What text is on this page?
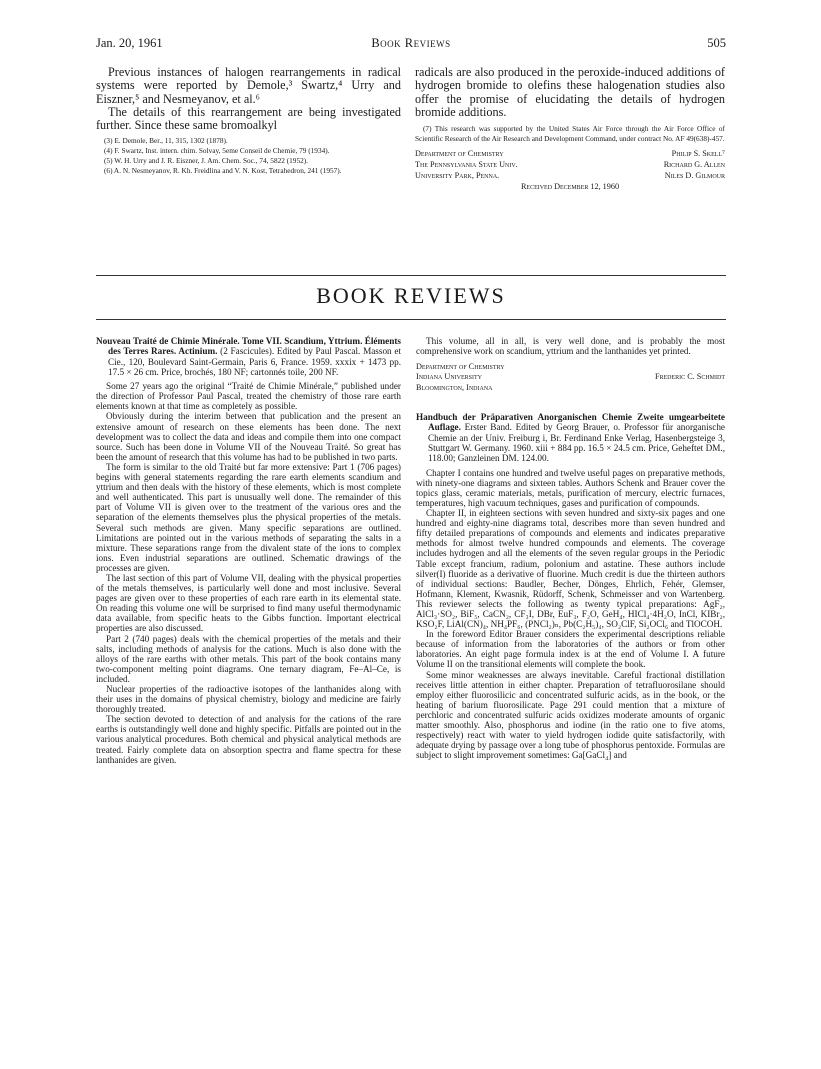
Jan. 20, 1961	Book Reviews	505

Previous instances of halogen rearrangements in radical systems were reported by Demole,³ Swartz,⁴ Urry and Eiszner,⁵ and Nesmeyanov, et al.⁶

The details of this rearrangement are being investigated further. Since these same bromoalkyl

(3) E. Demole, Ber., 11, 315, 1302 (1878).

(4) F. Swartz, Inst. intern. chim. Solvay, 5eme Conseil de Chemie, 79 (1934).

(5) W. H. Urry and J. R. Eiszner, J. Am. Chem. Soc., 74, 5822 (1952).

(6) A. N. Nesmeyanov, R. Kh. Freidlina and V. N. Kost, Tetrahedron, 241 (1957).

radicals are also produced in the peroxide-induced additions of hydrogen bromide to olefins these halogenation studies also offer the promise of elucidating the details of hydrogen bromide additions.

(7) This research was supported by the United States Air Force through the Air Force Office of Scientific Research of the Air Research and Development Command, under contract No. AF 49(638)-457.

Department of Chemistry	Philip S. Skell⁷
The Pennsylvania State Univ.	Richard G. Allen
University Park, Penna.	Niles D. Gilmour
Received December 12, 1960
BOOK REVIEWS

Nouveau Traité de Chimie Minérale. Tome VII. Scandium, Yttrium. Éléments des Terres Rares. Actinium. (2 Fascicules). Edited by Paul Pascal. Masson et Cie., 120, Boulevard Saint-Germain, Paris 6, France. 1959. xxxix + 1473 pp. 17.5 × 26 cm. Price, brochés, 180 NF; cartonnés toile, 200 NF.

Some 27 years ago the original “Traité de Chimie Minérale,” published under the direction of Professor Paul Pascal, treated the chemistry of those rare earth elements known at that time as completely as possible.

Obviously during the interim between that publication and the present an extensive amount of research on these elements has been done. The next development was to collect the data and ideas and compile them into one compact source. Such has been done in Volume VII of the Nouveau Traité. So great has been the amount of research that this volume has had to be published in two parts.

The form is similar to the old Traité but far more extensive: Part 1 (706 pages) begins with general statements regarding the rare earth elements scandium and yttrium and then deals with the history of these elements, which is most complete and well authenticated. This part is unusually well done. The remainder of this part of Volume VII is given over to the treatment of the various ores and the separation of the elements themselves plus the physical properties of the metals. Several such methods are given. Many specific separations are outlined. Limitations are pointed out in the various methods of separating the salts in a mixture. These separations range from the divalent state of the ions to complex ions. Even industrial separations are outlined. Schematic drawings of the processes are given.

The last section of this part of Volume VII, dealing with the physical properties of the metals themselves, is particularly well done and most inclusive. Several pages are given over to these properties of each rare earth in its elemental state. On reading this volume one will be surprised to find many useful thermodynamic data available, from specific heats to the Gibbs function. Important electrical properties are also discussed.

Part 2 (740 pages) deals with the chemical properties of the metals and their salts, including methods of analysis for the cations. Much is also done with the alloys of the rare earths with other metals. This part of the book contains many two-component melting point diagrams. One ternary diagram, Fe–Al–Ce, is included.

Nuclear properties of the radioactive isotopes of the lanthanides along with their uses in the domains of physical chemistry, biology and medicine are fairly thoroughly treated.

The section devoted to detection of and analysis for the cations of the rare earths is outstandingly well done and highly specific. Pitfalls are pointed out in the various analytical procedures. Both chemical and physical analytical methods are treated. Fairly complete data on absorption spectra and flame spectra for these lanthanides are given.

This volume, all in all, is very well done, and is probably the most comprehensive work on scandium, yttrium and the lanthanides yet printed.

Department of Chemistry
Indiana University
Bloomington, Indiana
Frederic C. Schmidt

Handbuch der Präparativen Anorganischen Chemie Zweite umgearbeitete Auflage. Erster Band. Edited by Georg Brauer, o. Professor für anorganische Chemie an der Univ. Freiburg i, Br. Ferdinand Enke Verlag, Hasenbergsteige 3, Stuttgart W. Germany. 1960. xiii + 884 pp. 16.5 × 24.5 cm. Price, Geheftet DM., 118.00; Ganzleinen DM. 124.00.

Chapter I contains one hundred and twelve useful pages on preparative methods, with ninety-one diagrams and sixteen tables. Authors Schenk and Brauer cover the topics glass, ceramic materials, metals, purification of mercury, electric furnaces, temperatures, high vacuum techniques, gases and purification of compounds.

Chapter II, in eighteen sections with seven hundred and sixty-six pages and one hundred and eighty-nine diagrams total, describes more than seven hundred and fifty detailed preparations of compounds and elements and indicates preparative methods for almost twelve hundred compounds and elements. The coverage includes hydrogen and all the elements of the seven regular groups in the Periodic Table except francium, radium, polonium and astatine. These authors include silver(I) fluoride as a derivative of fluorine. Much credit is due the thirteen authors of individual sections: Baudler, Becher, Dönges, Ehrlich, Fehér, Glemser, Hofmann, Klement, Kwasnik, Rüdorff, Schenk, Schmeisser and von Wartenberg. This reviewer selects the following as twenty typical preparations: AgF₂, AlCl₃·SO₂, BiF₅, CaCN₂, CF₃I, DBr, EuF₃, F₂O, GeH₄, HICl₄·4H₂O, InCl, KIBr₂, KSO₂F, LiAl(CN)₄, NH₄PF₆, (PNCl₂)ₙ, Pb(C₂H₅)₄, SO₂ClF, Si₂OCl₆ and TlOCOH.

In the foreword Editor Brauer considers the experimental descriptions reliable because of information from the laboratories of the authors or from other laboratories. An eight page formula index is at the end of Volume I. A future Volume II on the transitional elements will complete the book.

Some minor weaknesses are always inevitable. Careful fractional distillation receives little attention in either chapter. Preparation of tetrafluorosilane should employ either fluorosilicic and concentrated sulfuric acids, as in the book, or the heating of barium fluorosilicate. Page 291 could mention that a mixture of perchloric and concentrated sulfuric acids oxidizes moderate amounts of organic matter smoothly. Also, phosphorus and iodine (in the ratio one to five atoms, respectively) react with water to yield hydrogen iodide quite satisfactorily, with adequate drying by passage over a long tube of phosphorus pentoxide. Formulas are subject to slight improvement sometimes: Ga[GaCl₄] and
